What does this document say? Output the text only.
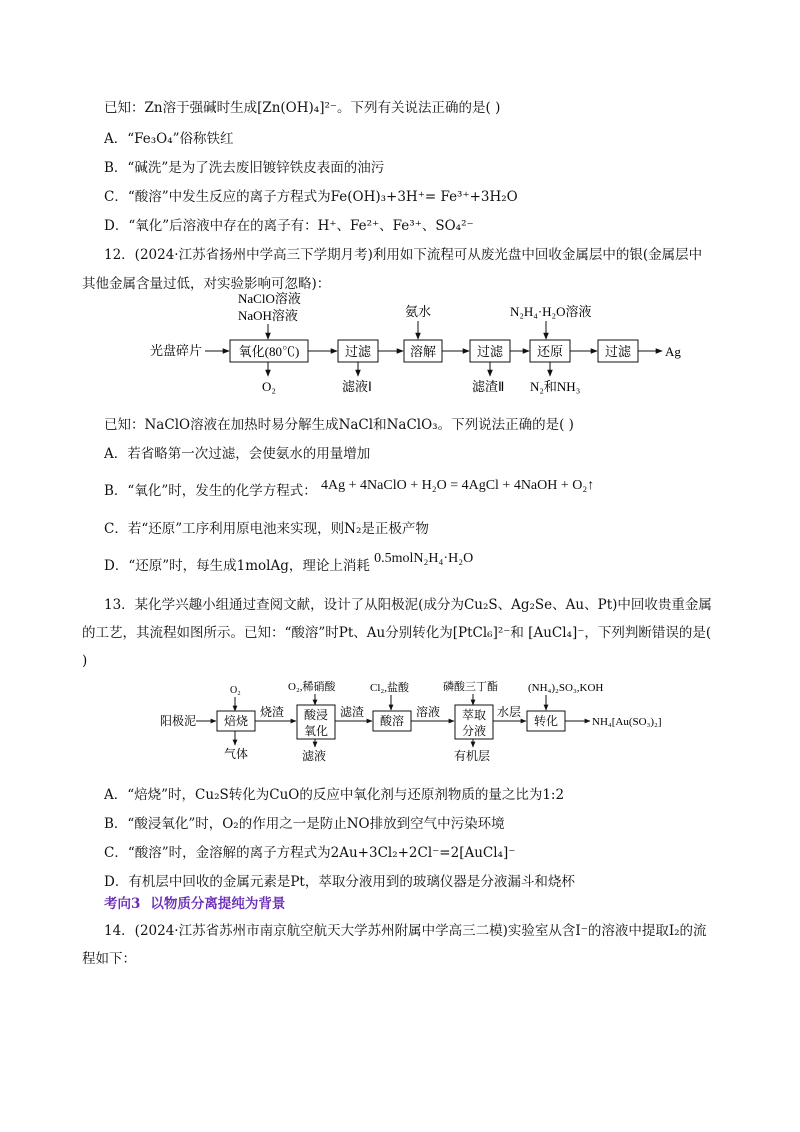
已知：Zn溶于强碱时生成[Zn(OH)₄]²⁻。下列有关说法正确的是( )
A．“Fe₃O₄”俗称铁红
B．“碱洗”是为了洗去废旧镀锌铁皮表面的油污
C．“酸溶”中发生反应的离子方程式为Fe(OH)₃+3H⁺= Fe³⁺+3H₂O
D．“氧化”后溶液中存在的离子有：H⁺、Fe²⁺、Fe³⁺、SO₄²⁻
12．(2024·江苏省扬州中学高三下学期月考)利用如下流程可从废光盘中回收金属层中的银(金属层中
其他金属含量过低，对实验影响可忽略)：
NaClO溶液
NaOH溶液	氨水	N₂H₄·H₂O溶液
光盘碎片	氧化(80℃)	过滤	溶解	过滤	还原	过滤	Ag
O₂	滤液Ⅰ	滤渣Ⅱ N₂和NH₃
已知：NaClO溶液在加热时易分解生成NaCl和NaClO₃。下列说法正确的是( )
A．若省略第一次过滤，会使氨水的用量增加
B．“氧化”时，发生的化学方程式： 4Ag + 4NaClO + H₂O = 4AgCl + 4NaOH + O₂↑
C．若“还原”工序利用原电池来实现，则N₂是正极产物
D．“还原”时，每生成1molAg，理论上消耗 0.5molN₂H₄·H₂O
13．某化学兴趣小组通过查阅文献，设计了从阳极泥(成分为Cu₂S、Ag₂Se、Au、Pt)中回收贵重金属
的工艺，其流程如图所示。已知：“酸溶”时Pt、Au分别转化为[PtCl₆]²⁻和 [AuCl₄]⁻，下列判断错误的是(
)
阳极泥
O₂
焙烧
气体
烧渣
O₂,稀硝酸
酸浸
氧化
滤液
滤渣
Cl₂,盐酸
酸溶
溶液
磷酸三丁酯
萃取
分液
有机层
水层
(NH₄)₂SO₃,KOH
转化	NH₄[Au(SO₃)₂]
A．“焙烧”时，Cu₂S转化为CuO的反应中氧化剂与还原剂物质的量之比为1:2
B．“酸浸氧化”时，O₂的作用之一是防止NO排放到空气中污染环境
C．“酸溶”时，金溶解的离子方程式为2Au+3Cl₂+2Cl⁻=2[AuCl₄]⁻
D．有机层中回收的金属元素是Pt，萃取分液用到的玻璃仪器是分液漏斗和烧杯
考向3 以物质分离提纯为背景
14．(2024·江苏省苏州市南京航空航天大学苏州附属中学高三二模)实验室从含I⁻的溶液中提取I₂的流
程如下：
